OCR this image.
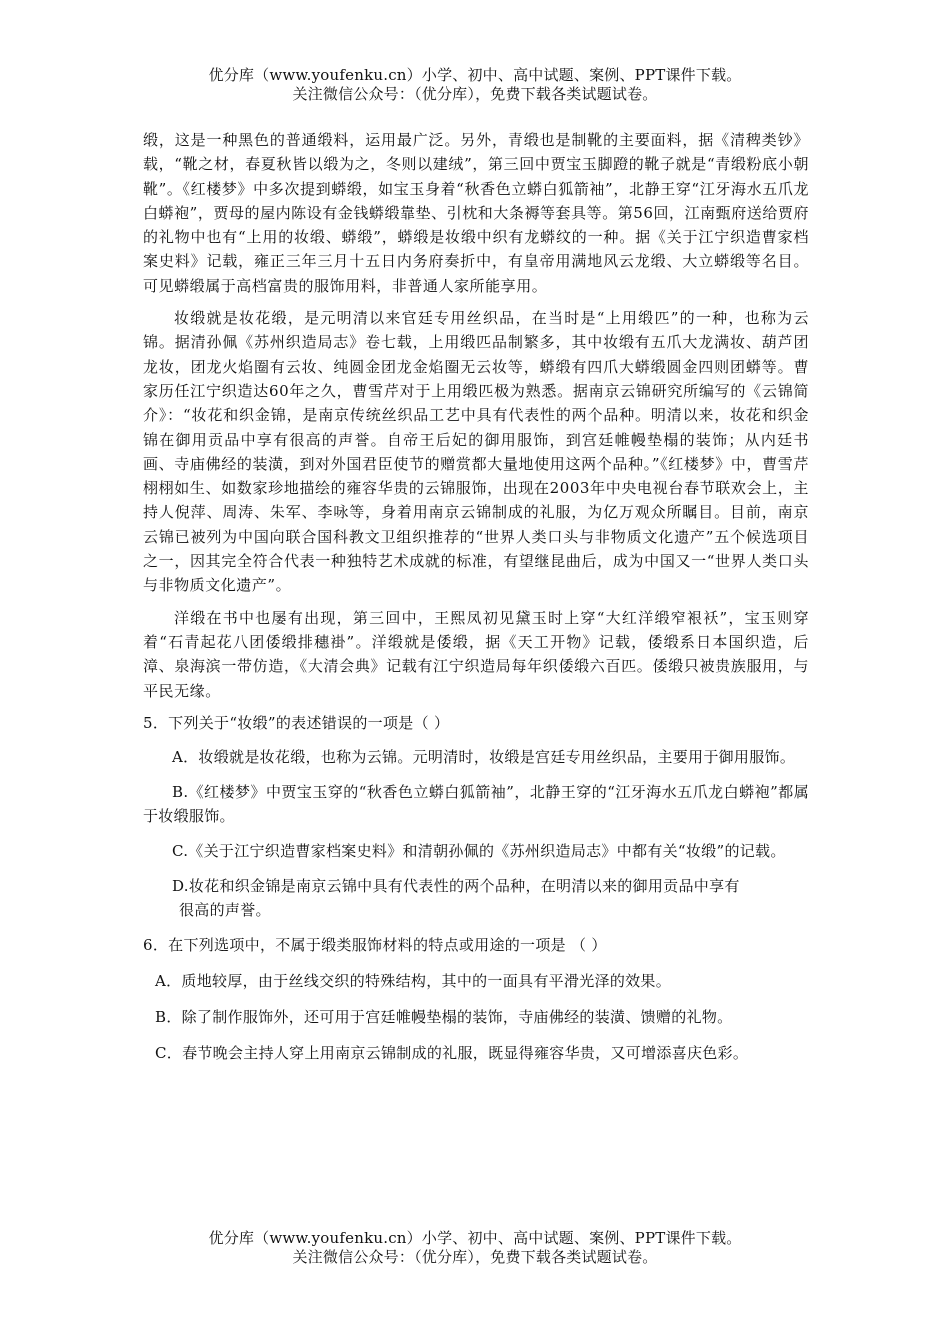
优分库（www.youfenku.cn）小学、初中、高中试题、案例、PPT课件下载。
关注微信公众号：（优分库），免费下载各类试题试卷。

缎，这是一种黑色的普通缎料，运用最广泛。另外，青缎也是制靴的主要面料，据《清稗类钞》载，“靴之材，春夏秋皆以缎为之，冬则以建绒”，第三回中贾宝玉脚蹬的靴子就是“青缎粉底小朝靴”。《红楼梦》中多次提到蟒缎，如宝玉身着“秋香色立蟒白狐箭袖”，北静王穿“江牙海水五爪龙白蟒袍”，贾母的屋内陈设有金钱蟒缎靠垫、引枕和大条褥等套具等。第56回，江南甄府送给贾府的礼物中也有“上用的妆缎、蟒缎”，蟒缎是妆缎中织有龙蟒纹的一种。据《关于江宁织造曹家档案史料》记载，雍正三年三月十五日内务府奏折中，有皇帝用满地风云龙缎、大立蟒缎等名目。可见蟒缎属于高档富贵的服饰用料，非普通人家所能享用。

妆缎就是妆花缎，是元明清以来官廷专用丝织品，在当时是“上用缎匹”的一种，也称为云锦。据清孙佩《苏州织造局志》卷七载，上用缎匹品制繁多，其中妆缎有五爪大龙满妆、葫芦团龙妆，团龙火焰圈有云妆、纯圆金团龙金焰圈无云妆等，蟒缎有四爪大蟒缎圆金四则团蟒等。曹家历任江宁织造达60年之久，曹雪芹对于上用缎匹极为熟悉。据南京云锦研究所编写的《云锦简介》：“妆花和织金锦，是南京传统丝织品工艺中具有代表性的两个品种。明清以来，妆花和织金锦在御用贡品中享有很高的声誉。自帝王后妃的御用服饰，到宫廷帷幔垫榻的装饰；从内廷书画、寺庙佛经的装潢，到对外国君臣使节的赠赏都大量地使用这两个品种。”《红楼梦》中，曹雪芹栩栩如生、如数家珍地描绘的雍容华贵的云锦服饰，出现在2003年中央电视台春节联欢会上，主持人倪萍、周涛、朱军、李咏等，身着用南京云锦制成的礼服，为亿万观众所瞩目。目前，南京云锦已被列为中国向联合国科教文卫组织推荐的“世界人类口头与非物质文化遗产”五个候选项目之一，因其完全符合代表一种独特艺术成就的标准，有望继昆曲后，成为中国又一“世界人类口头与非物质文化遗产”。

洋缎在书中也屡有出现，第三回中，王熙凤初见黛玉时上穿“大红洋缎窄裉袄”，宝玉则穿着“石青起花八团倭缎排穗褂”。洋缎就是倭缎，据《天工开物》记载，倭缎系日本国织造，后漳、泉海滨一带仿造，《大清会典》记载有江宁织造局每年织倭缎六百匹。倭缎只被贵族服用，与平民无缘。

5．下列关于“妆缎”的表述错误的一项是（ ）

A．妆缎就是妆花缎，也称为云锦。元明清时，妆缎是宫廷专用丝织品，主要用于御用服饰。

B.《红楼梦》中贾宝玉穿的“秋香色立蟒白狐箭袖”，北静王穿的“江牙海水五爪龙白蟒袍”都属于妆缎服饰。

C.《关于江宁织造曹家档案史料》和清朝孙佩的《苏州织造局志》中都有关“妆缎”的记载。

D.妆花和织金锦是南京云锦中具有代表性的两个品种，在明清以来的御用贡品中享有
很高的声誉。

6．在下列选项中，不属于缎类服饰材料的特点或用途的一项是 （ ）

A．质地较厚，由于丝线交织的特殊结构，其中的一面具有平滑光泽的效果。

B．除了制作服饰外，还可用于宫廷帷幔垫榻的装饰，寺庙佛经的装潢、馈赠的礼物。

C．春节晚会主持人穿上用南京云锦制成的礼服，既显得雍容华贵，又可增添喜庆色彩。

优分库（www.youfenku.cn）小学、初中、高中试题、案例、PPT课件下载。
关注微信公众号：（优分库），免费下载各类试题试卷。
